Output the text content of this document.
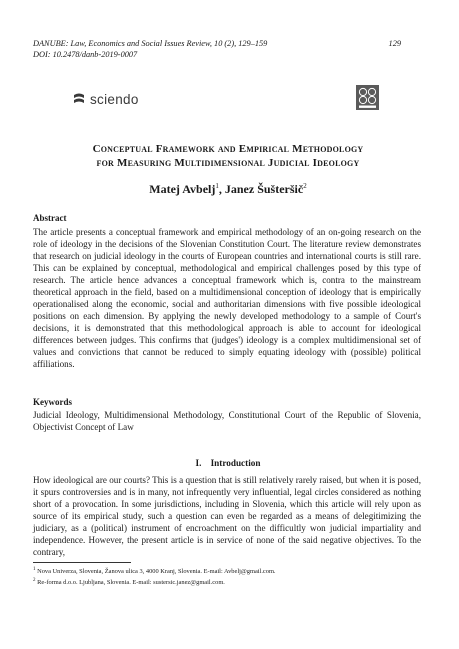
DANUBE: Law, Economics and Social Issues Review, 10 (2), 129–159
DOI: 10.2478/danb-2019-0007
129
sciendo
Conceptual Framework and Empirical Methodology
for Measuring Multidimensional Judicial Ideology
Matej Avbelj$^1$, Janez Šušteršič$^2$
Abstract
The article presents a conceptual framework and empirical methodology of an on-going research on the role of ideology in the decisions of the Slovenian Constitution Court. The literature review demonstrates that research on judicial ideology in the courts of European countries and international courts is still rare. This can be explained by conceptual, methodological and empirical challenges posed by this type of research. The article hence advances a conceptual framework which is, contra to the mainstream theoretical approach in the field, based on a multidimensional conception of ideology that is empirically operationalised along the economic, social and authoritarian dimensions with five possible ideological positions on each dimension. By applying the newly developed methodology to a sample of Court's decisions, it is demonstrated that this methodological approach is able to account for ideological differences between judges. This confirms that (judges') ideology is a complex multidimensional set of values and convictions that cannot be reduced to simply equating ideology with (possible) political affiliations.
Keywords
Judicial Ideology, Multidimensional Methodology, Constitutional Court of the Republic of Slovenia, Objectivist Concept of Law
I. Introduction
How ideological are our courts? This is a question that is still relatively rarely raised, but when it is posed, it spurs controversies and is in many, not infrequently very influential, legal circles considered as nothing short of a provocation. In some jurisdictions, including in Slovenia, which this article will rely upon as source of its empirical study, such a question can even be regarded as a means of delegitimizing the judiciary, as a (political) instrument of encroachment on the difficultly won judicial impartiality and independence. However, the present article is in service of none of the said negative objectives. To the contrary,
$^1$ Nova Univerza, Slovenia, Žanova ulica 3, 4000 Kranj, Slovenia. E-mail: Avbelj@gmail.com.
$^2$ Re-forma d.o.o. Ljubljana, Slovenia. E-mail: sustersic.janez@gmail.com.
